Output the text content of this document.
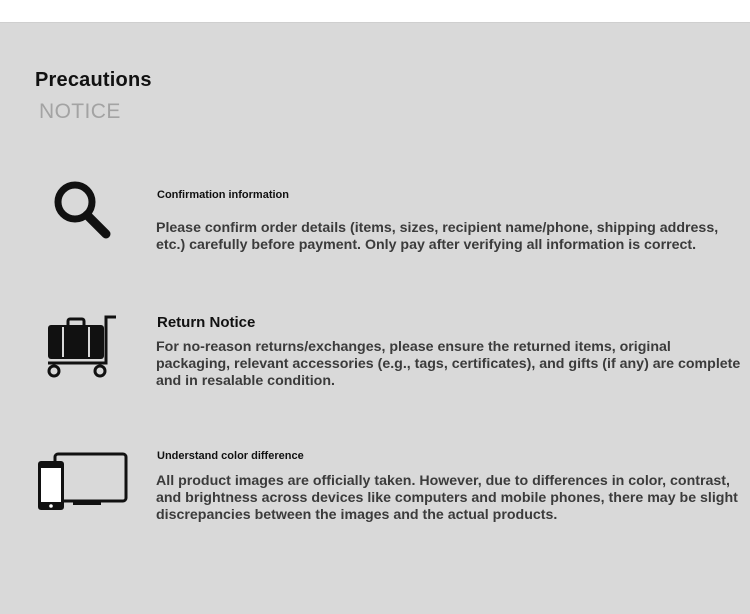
Precautions
NOTICE
Confirmation information
Please confirm order details (items, sizes, recipient name/phone, shipping address, etc.) carefully before payment. Only pay after verifying all information is correct.
Return Notice
For no-reason returns/exchanges, please ensure the returned items, original packaging, relevant accessories (e.g., tags, certificates), and gifts (if any) are complete and in resalable condition.
Understand color difference
All product images are officially taken. However, due to differences in color, contrast, and brightness across devices like computers and mobile phones, there may be slight discrepancies between the images and the actual products.
